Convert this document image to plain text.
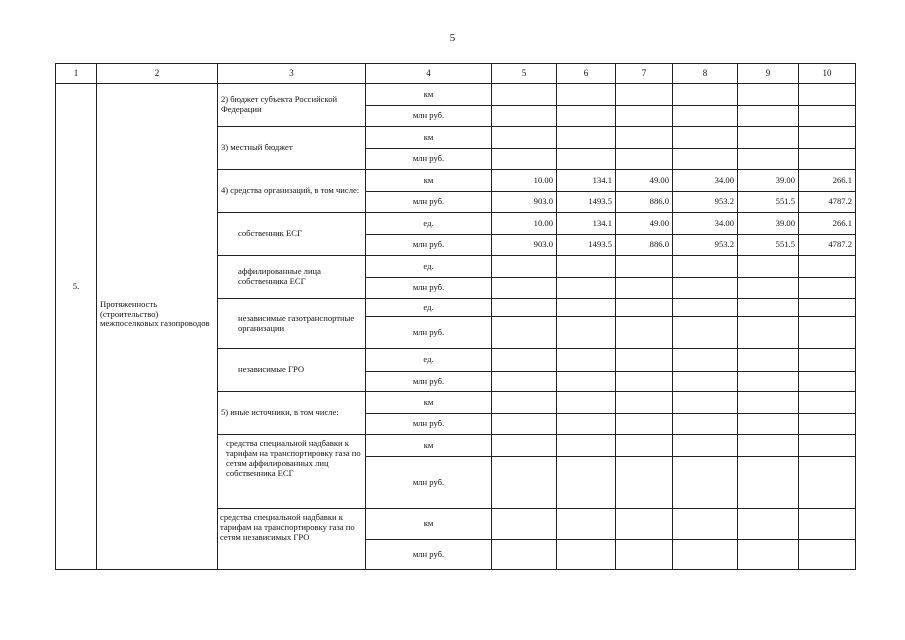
5
1	2	3	4	5	6	7	8	9	10

5.	Протяженность (строительство) межпоселковых газопроводов	2) бюджет субъекта Российской Федерации	км						
			млн руб.						
		3) местный бюджет	км						
			млн руб.						
		4) средства организаций, в том числе:	км	10.00	134.1	49.00	34.00	39.00	266.1
			млн руб.	903.0	1493.5	886.0	953.2	551.5	4787.2
		собственник ЕСГ	ед.	10.00	134.1	49.00	34.00	39.00	266.1
			млн руб.	903.0	1493.5	886.0	953.2	551.5	4787.2
		аффилированные лица собственника ЕСГ	ед.						
			млн руб.						
		независимые газотранспортные организации	ед.						
			млн руб.						
		независимые ГРО	ед.						
			млн руб.						
		5) иные источники, в том числе:	км						
			млн руб.						
		средства специальной надбавки к тарифам на транспортировку газа по сетям аффилированных лиц собственника ЕСГ	км						
			млн руб.						
		средства специальной надбавки к тарифам на транспортировку газа по сетям независимых ГРО	км						
			млн руб.						
